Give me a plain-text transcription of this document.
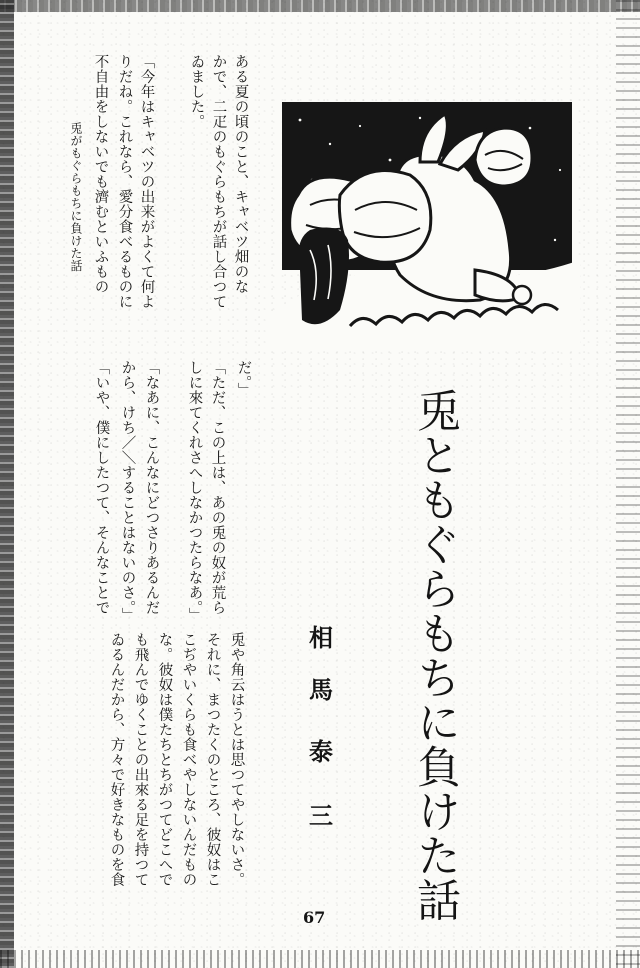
兎がもぐらもちに負けた話	ある夏の頃のこと、キャベツ畑のな
かで、二疋のもぐらもちが話し合つて
ゐました。
「今年はキャベツの出来がよくて何よ
りだね。これなら、愛分食べるものに
不自由をしないでも濟むといふもの
だ。」
「ただ、この上は、あの兎の奴が荒ら
しに來てくれさへしなかつたらなあ。」
「なあに、こんなにどつさりあるんだ
から、けち／＼することはないのさ。」
「いや、僕にしたつて、そんなことで	兎ともぐらもちに負けた話
相
馬
泰
三
兎や角云はうとは思つてやしないさ。
それに、まつたくのところ、彼奴はこ
こぢやいくらも食べやしないんだもの
な。彼奴は僕たちとちがつてどこへで
も飛んでゆくことの出來る足を持つて
ゐるんだから、方々で好きなものを食
67
